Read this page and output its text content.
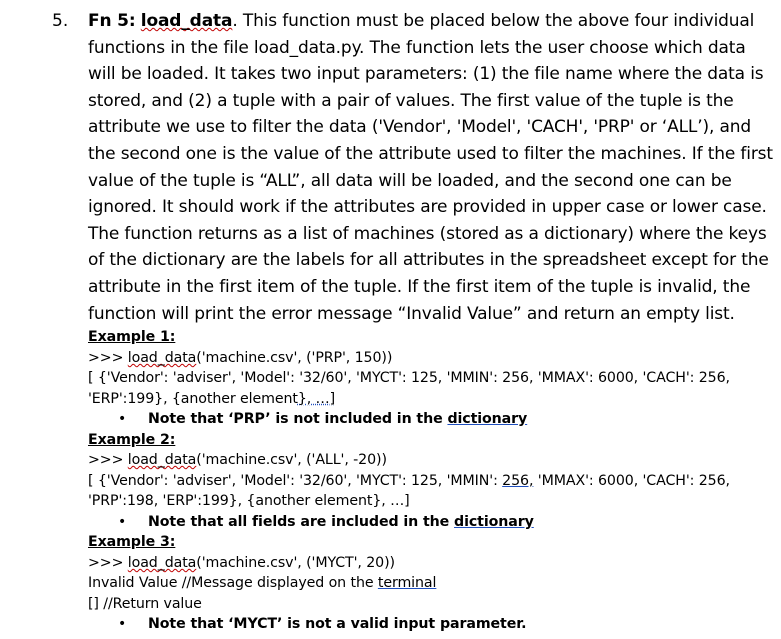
5. Fn 5: load_data. This function must be placed below the above four individual functions in the file load_data.py. The function lets the user choose which data will be loaded. It takes two input parameters: (1) the file name where the data is stored, and (2) a tuple with a pair of values. The first value of the tuple is the attribute we use to filter the data ('Vendor', 'Model', 'CACH', 'PRP' or ‘ALL’), and the second one is the value of the attribute used to filter the machines. If the first value of the tuple is “ALL”, all data will be loaded, and the second one can be ignored. It should work if the attributes are provided in upper case or lower case. The function returns as a list of machines (stored as a dictionary) where the keys of the dictionary are the labels for all attributes in the spreadsheet except for the attribute in the first item of the tuple. If the first item of the tuple is invalid, the function will print the error message “Invalid Value” and return an empty list.
Example 1:
>>> load_data('machine.csv', ('PRP', 150))
[ {'Vendor': 'adviser', 'Model': '32/60', 'MYCT': 125, 'MMIN': 256, 'MMAX': 6000, 'CACH': 256,
'ERP':199}, {another element}, …]
• Note that ‘PRP’ is not included in the dictionary
Example 2:
>>> load_data('machine.csv', ('ALL', -20))
[ {'Vendor': 'adviser', 'Model': '32/60', 'MYCT': 125, 'MMIN': 256, 'MMAX': 6000, 'CACH': 256,
'PRP':198, 'ERP':199}, {another element}, …]
• Note that all fields are included in the dictionary
Example 3:
>>> load_data('machine.csv', ('MYCT', 20))
Invalid Value //Message displayed on the terminal
[] //Return value
• Note that ‘MYCT’ is not a valid input parameter.
